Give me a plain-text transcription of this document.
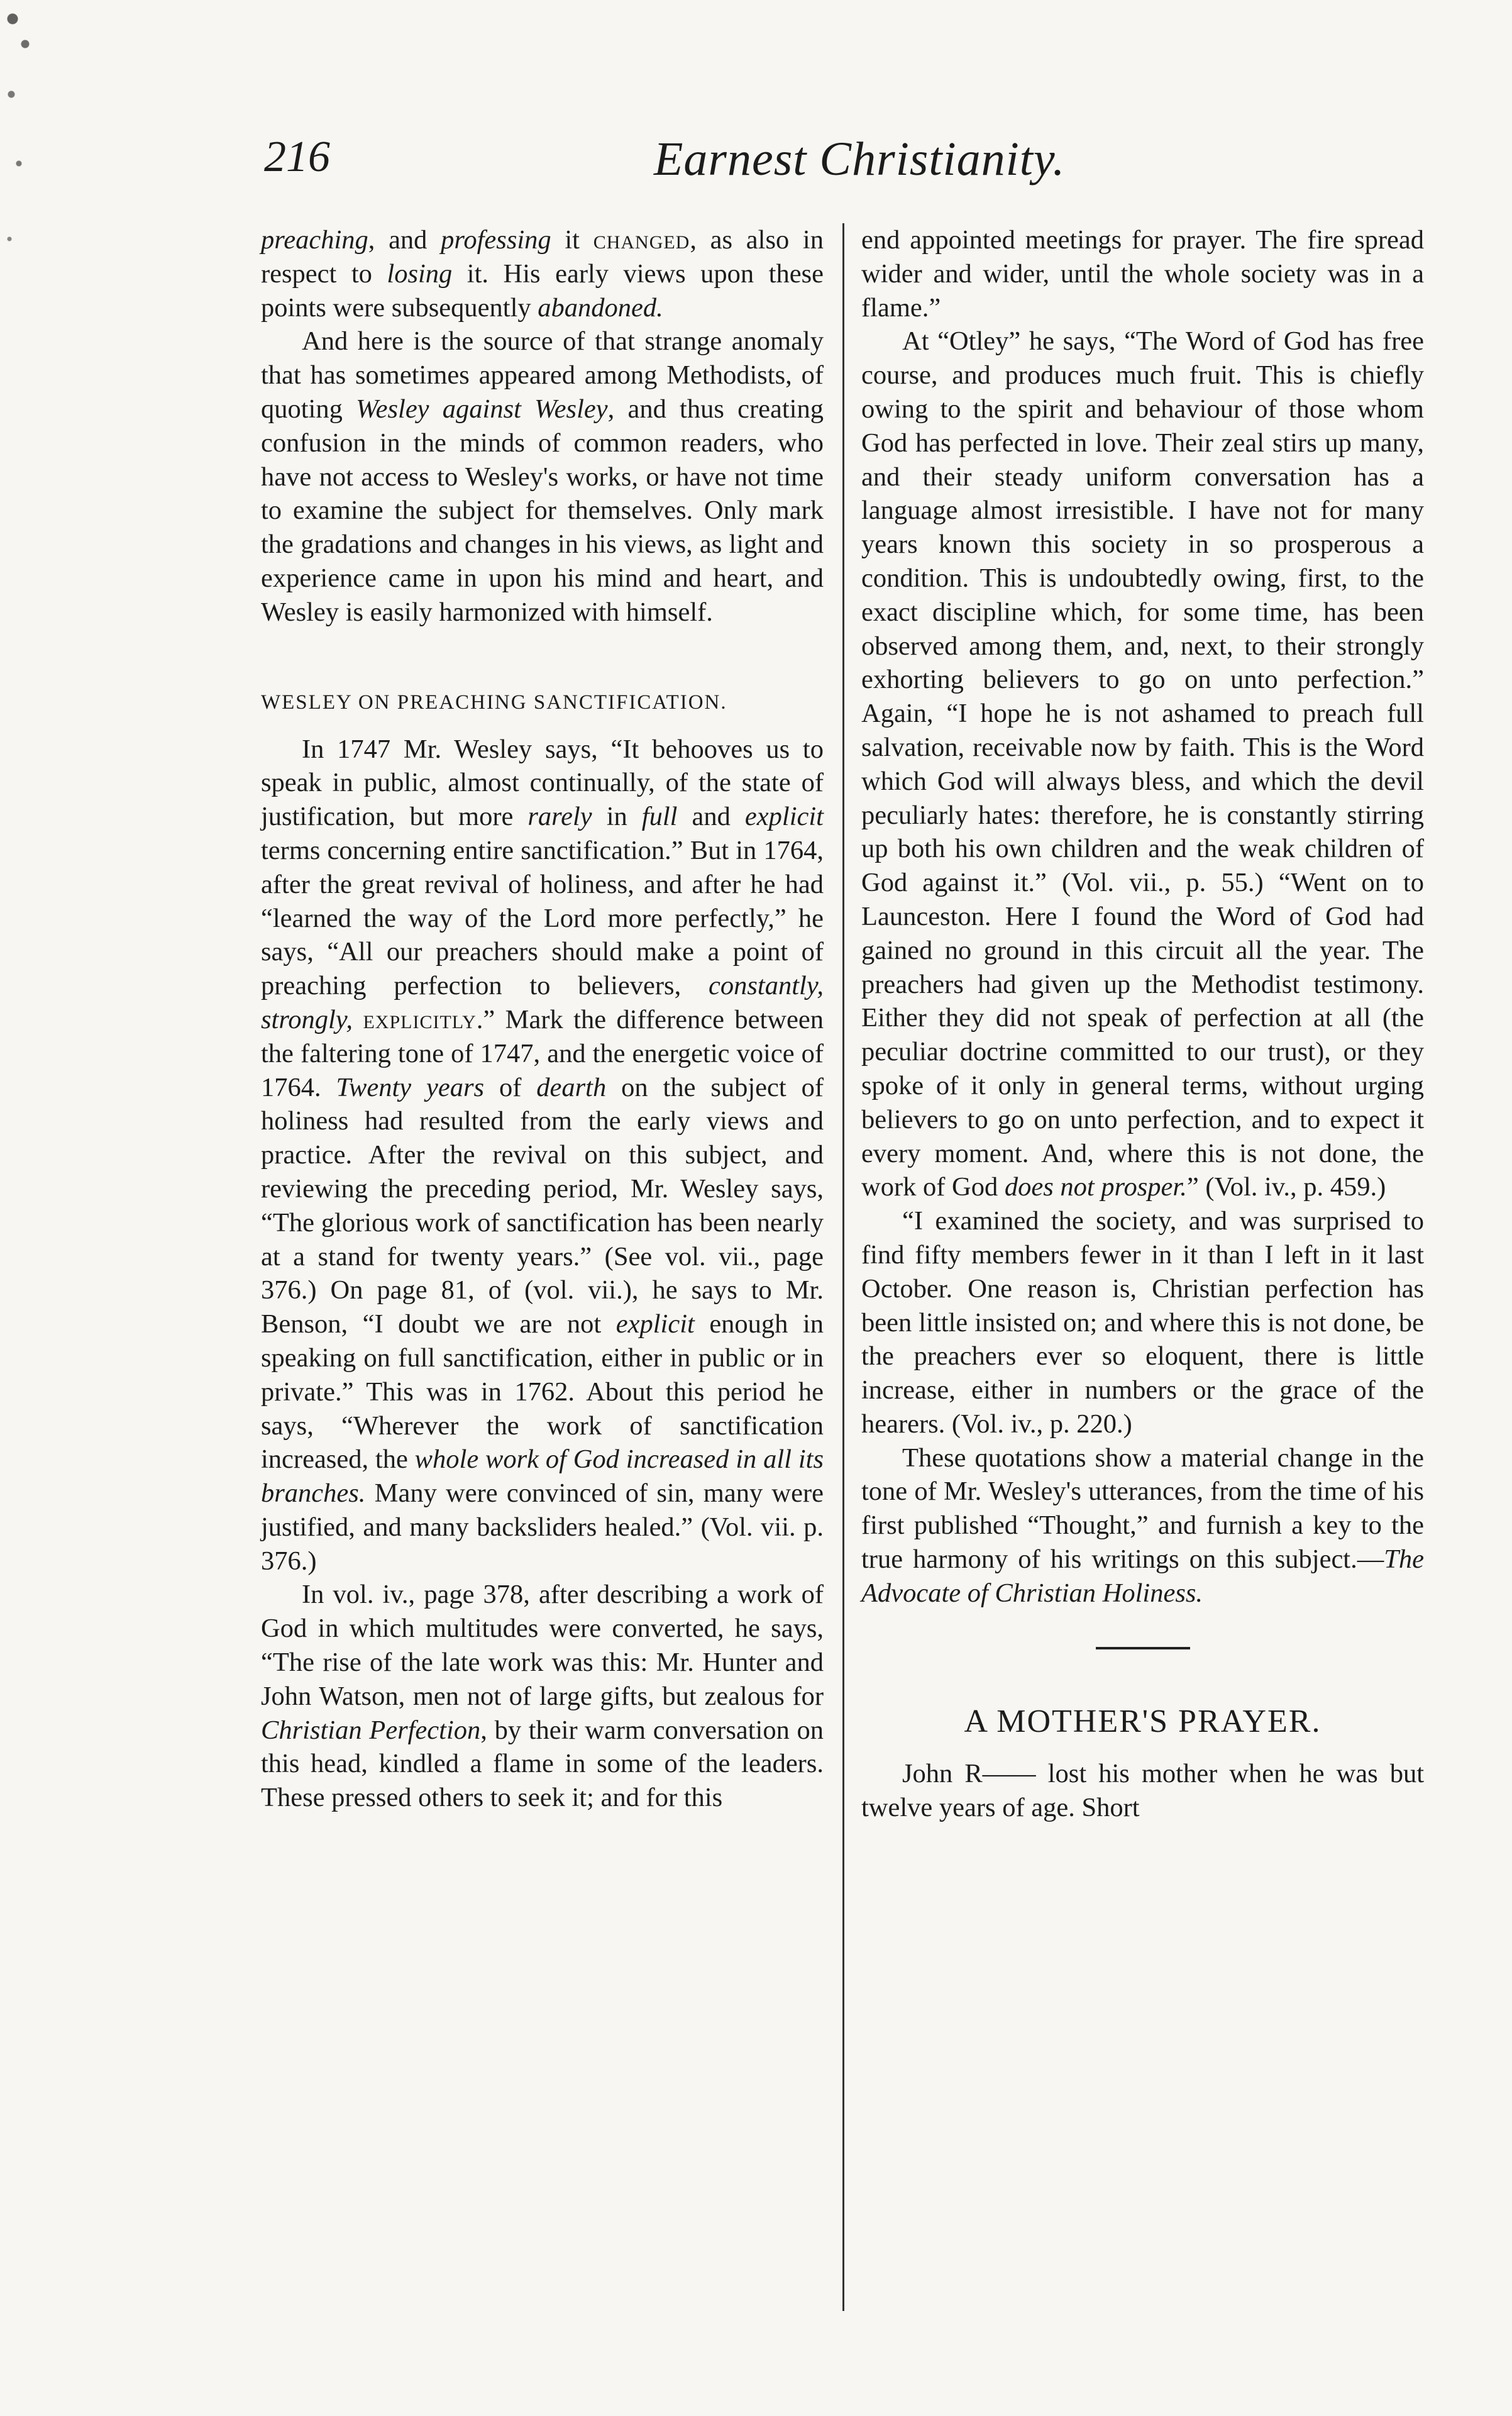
216	Earnest Christianity.

preaching, and professing it changed, as also in respect to losing it. His early views upon these points were subsequently abandoned.

And here is the source of that strange anomaly that has sometimes appeared among Methodists, of quoting Wesley against Wesley, and thus creating confusion in the minds of common readers, who have not access to Wesley's works, or have not time to examine the subject for themselves. Only mark the gradations and changes in his views, as light and experience came in upon his mind and heart, and Wesley is easily harmonized with himself.

WESLEY ON PREACHING SANCTIFICATION.

In 1747 Mr. Wesley says, “It behooves us to speak in public, almost continually, of the state of justification, but more rarely in full and explicit terms concerning entire sanctification.” But in 1764, after the great revival of holiness, and after he had “learned the way of the Lord more perfectly,” he says, “All our preachers should make a point of preaching perfection to believers, constantly, strongly, explicitly.” Mark the difference between the faltering tone of 1747, and the energetic voice of 1764. Twenty years of dearth on the subject of holiness had resulted from the early views and practice. After the revival on this subject, and reviewing the preceding period, Mr. Wesley says, “The glorious work of sanctification has been nearly at a stand for twenty years.” (See vol. vii., page 376.) On page 81, of (vol. vii.), he says to Mr. Benson, “I doubt we are not explicit enough in speaking on full sanctification, either in public or in private.” This was in 1762. About this period he says, “Wherever the work of sanctification increased, the whole work of God increased in all its branches. Many were convinced of sin, many were justified, and many backsliders healed.” (Vol. vii. p. 376.)

In vol. iv., page 378, after describing a work of God in which multitudes were converted, he says, “The rise of the late work was this: Mr. Hunter and John Watson, men not of large gifts, but zealous for Christian Perfection, by their warm conversation on this head, kindled a flame in some of the leaders. These pressed others to seek it; and for this

end appointed meetings for prayer. The fire spread wider and wider, until the whole society was in a flame.”

At “Otley” he says, “The Word of God has free course, and produces much fruit. This is chiefly owing to the spirit and behaviour of those whom God has perfected in love. Their zeal stirs up many, and their steady uniform conversation has a language almost irresistible. I have not for many years known this society in so prosperous a condition. This is undoubtedly owing, first, to the exact discipline which, for some time, has been observed among them, and, next, to their strongly exhorting believers to go on unto perfection.” Again, “I hope he is not ashamed to preach full salvation, receivable now by faith. This is the Word which God will always bless, and which the devil peculiarly hates: therefore, he is constantly stirring up both his own children and the weak children of God against it.” (Vol. vii., p. 55.) “Went on to Launceston. Here I found the Word of God had gained no ground in this circuit all the year. The preachers had given up the Methodist testimony. Either they did not speak of perfection at all (the peculiar doctrine committed to our trust), or they spoke of it only in general terms, without urging believers to go on unto perfection, and to expect it every moment. And, where this is not done, the work of God does not prosper.” (Vol. iv., p. 459.)

“I examined the society, and was surprised to find fifty members fewer in it than I left in it last October. One reason is, Christian perfection has been little insisted on; and where this is not done, be the preachers ever so eloquent, there is little increase, either in numbers or the grace of the hearers. (Vol. iv., p. 220.)

These quotations show a material change in the tone of Mr. Wesley's utterances, from the time of his first published “Thought,” and furnish a key to the true harmony of his writings on this subject.—The Advocate of Christian Holiness.

A MOTHER'S PRAYER.

John R—— lost his mother when he was but twelve years of age. Short
